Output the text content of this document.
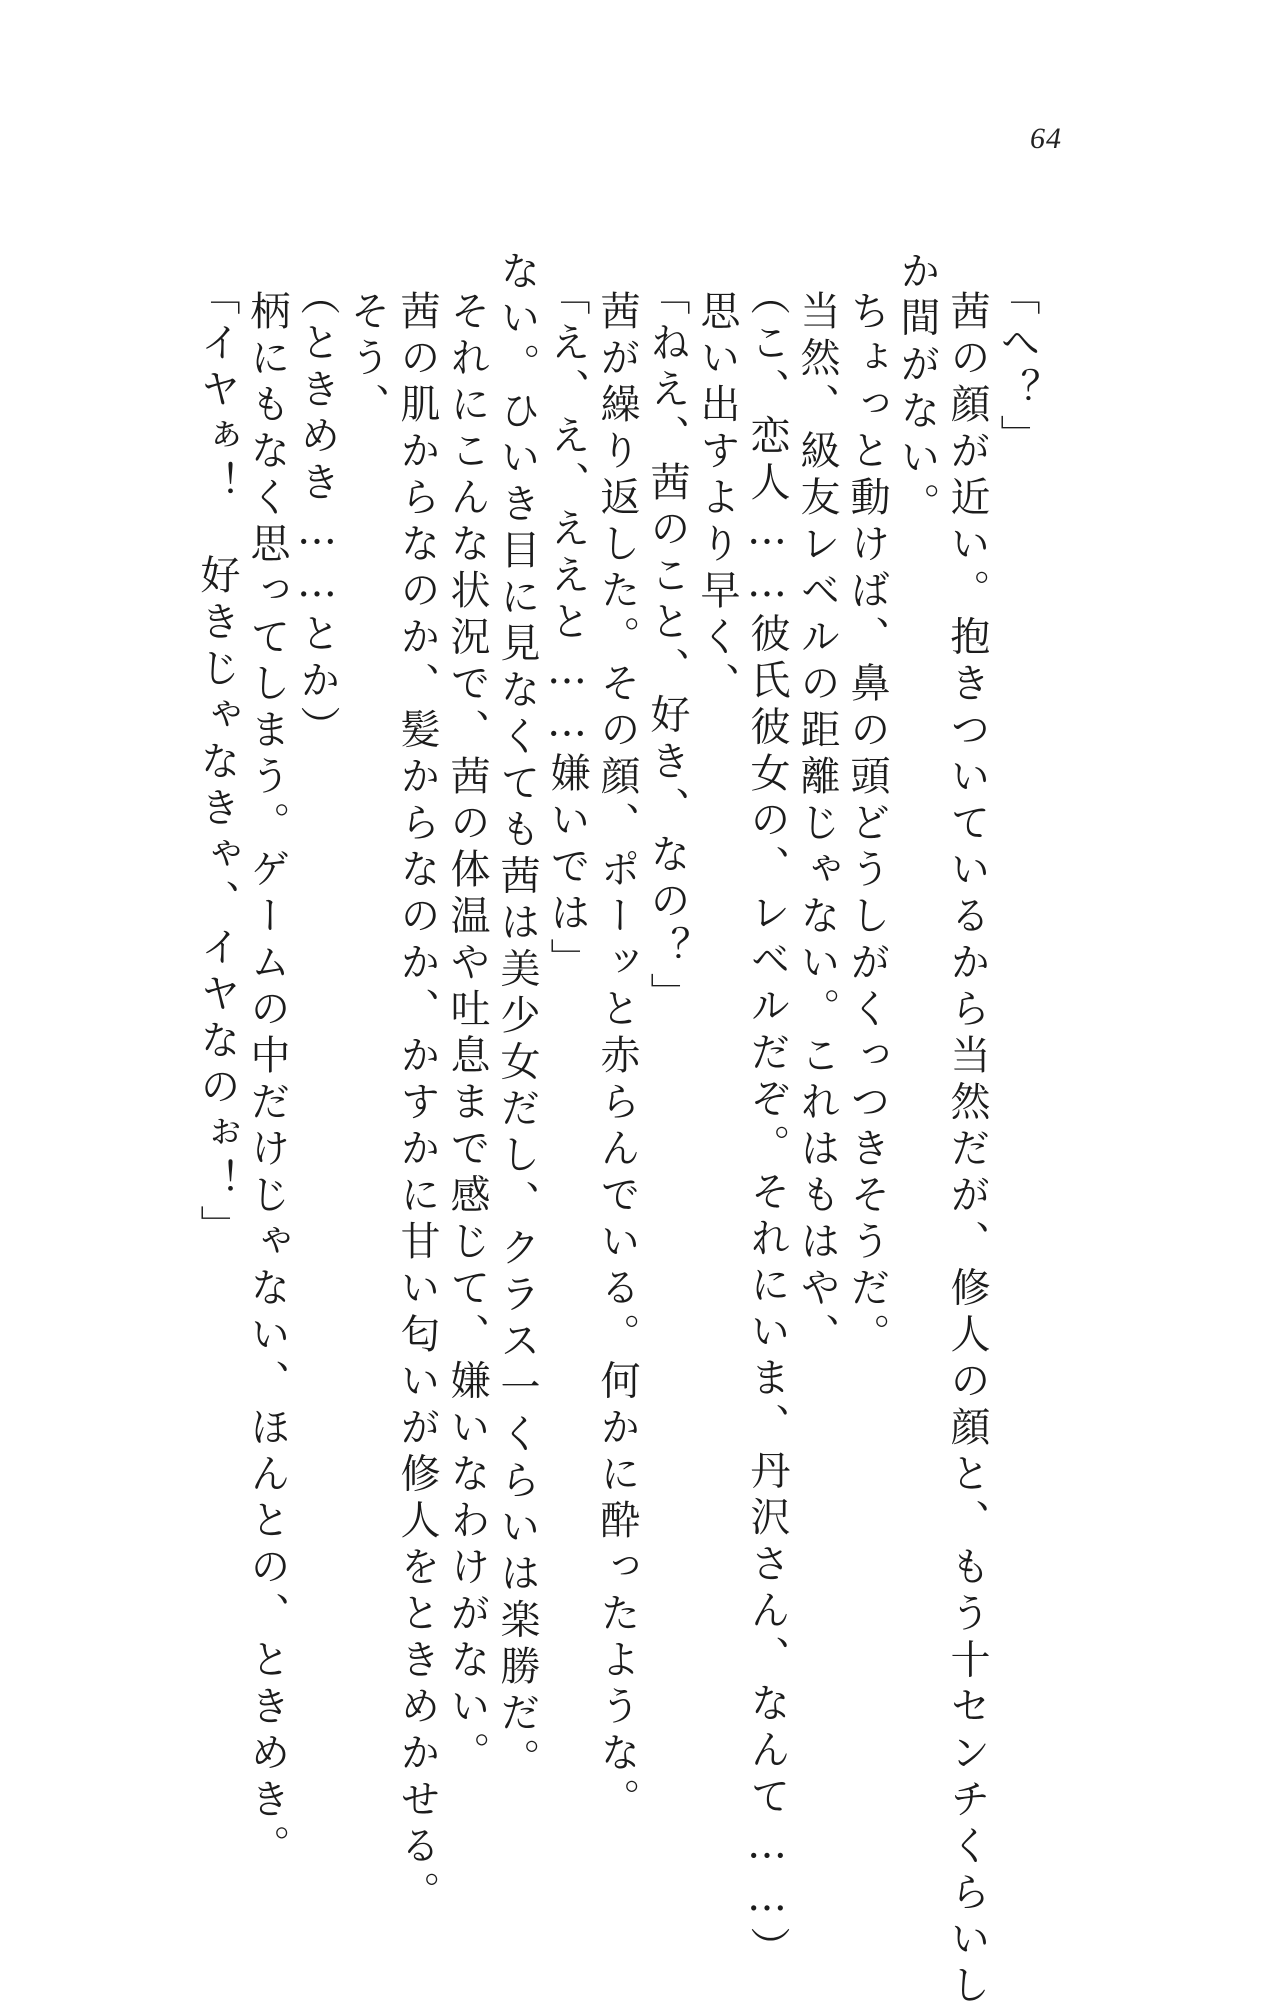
64
「へ？」
茜の顔が近い。抱きついているから当然だが、修人の顔と、もう十センチくらいし
か間がない。
ちょっと動けば、鼻の頭どうしがくっつきそうだ。
当然、級友レベルの距離じゃない。これはもはや、
（こ、恋人……彼氏彼女の、レベルだぞ。それにいま、丹沢さん、なんて……）
思い出すより早く、
「ねえ、茜のこと、好き、なの？」
茜が繰り返した。その顔、ポーッと赤らんでいる。何かに酔ったような。
「え、え、ええと……嫌いでは」
ない。ひいき目に見なくても茜は美少女だし、クラス一くらいは楽勝だ。
それにこんな状況で、茜の体温や吐息まで感じて、嫌いなわけがない。
茜の肌からなのか、髪からなのか、かすかに甘い匂いが修人をときめかせる。
そう、
（ときめき……とか）
柄にもなく思ってしまう。ゲームの中だけじゃない、ほんとの、ときめき。
「イヤぁ！　好きじゃなきゃ、イヤなのぉ！」
